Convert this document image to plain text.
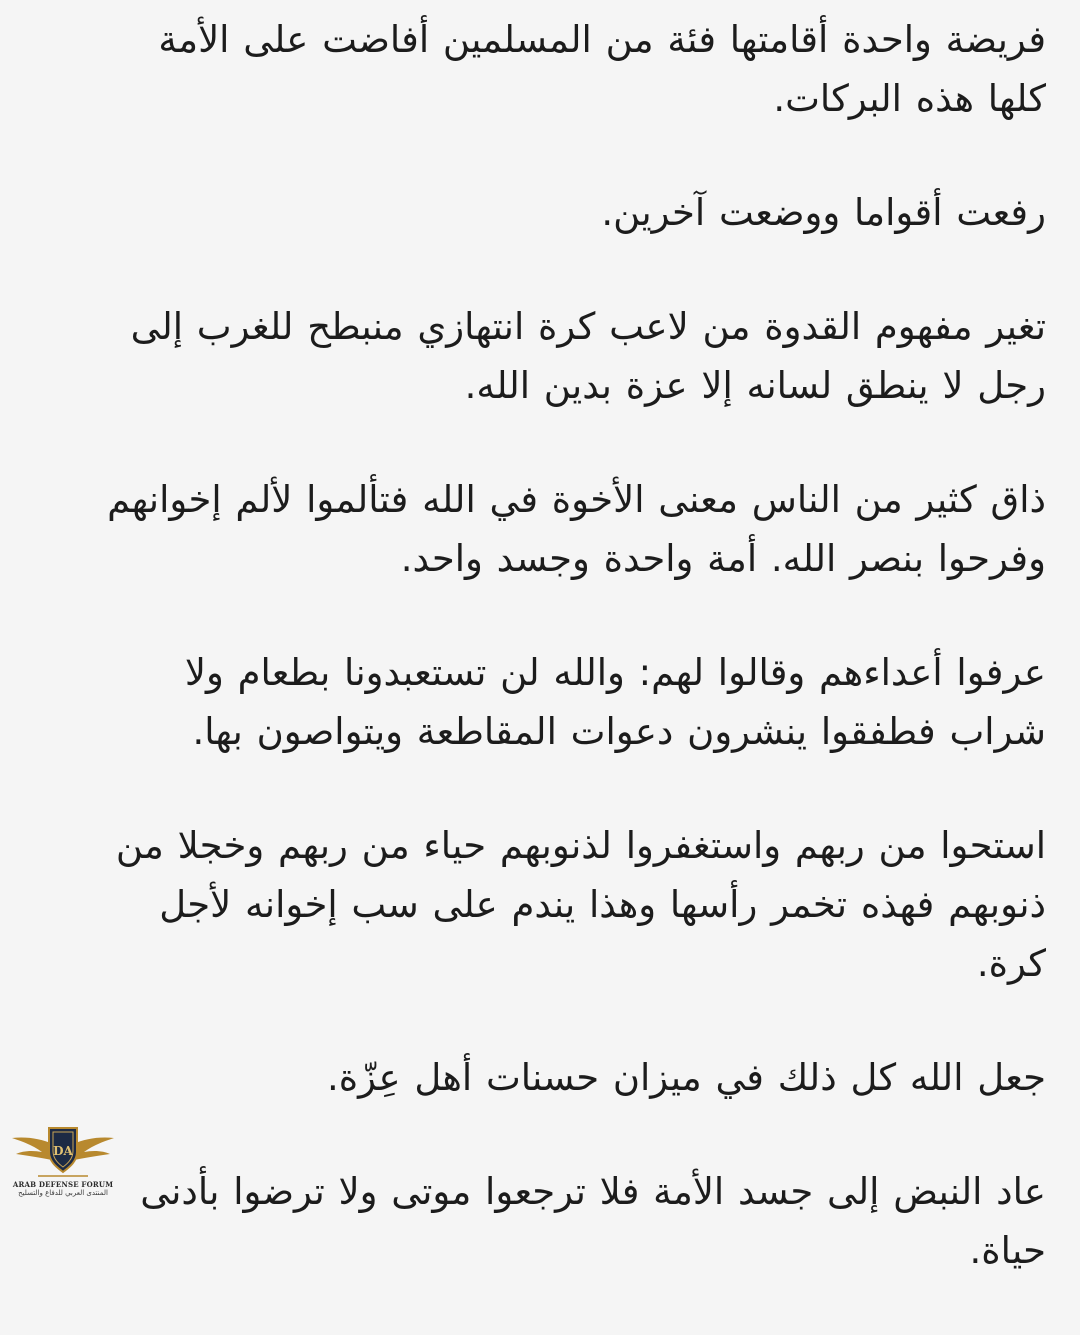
فريضة واحدة أقامتها فئة من المسلمين أفاضت على الأمة
كلها هذه البركات.

رفعت أقواما ووضعت آخرين.

تغير مفهوم القدوة من لاعب كرة انتهازي منبطح للغرب إلى
رجل لا ينطق لسانه إلا عزة بدين الله.

ذاق كثير من الناس معنى الأخوة في الله فتألموا لألم إخوانهم
وفرحوا بنصر الله. أمة واحدة وجسد واحد.

عرفوا أعداءهم وقالوا لهم: والله لن تستعبدونا بطعام ولا
شراب فطفقوا ينشرون دعوات المقاطعة ويتواصون بها.

استحوا من ربهم واستغفروا لذنوبهم حياء من ربهم وخجلا من
ذنوبهم فهذه تخمر رأسها وهذا يندم على سب إخوانه لأجل
كرة.

جعل الله كل ذلك في ميزان حسنات أهل عِزّة.

عاد النبض إلى جسد الأمة فلا ترجعوا موتى ولا ترضوا بأدنى
حياة.

DA
ARAB DEFENSE FORUM
المنتدى العربي للدفاع والتسليح
